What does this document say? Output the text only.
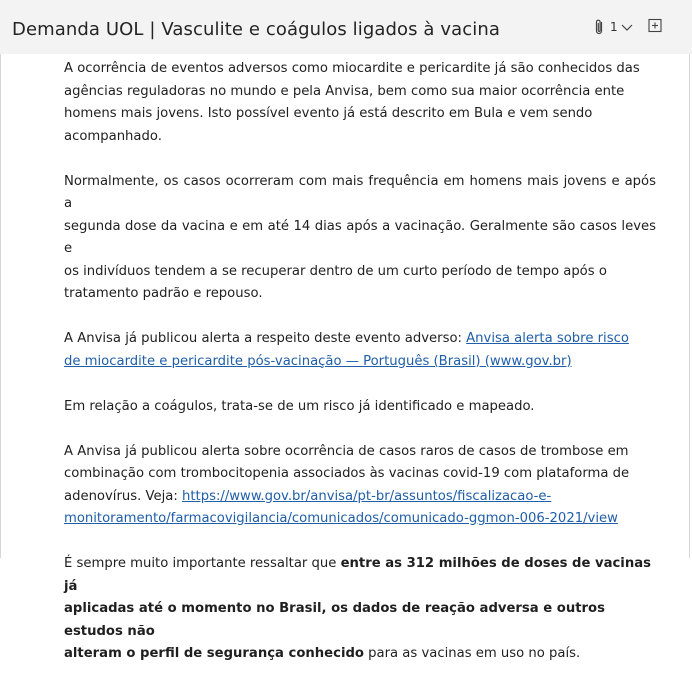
Demanda UOL | Vasculite e coágulos ligados à vacina	1
A ocorrência de eventos adversos como miocardite e pericardite já são conhecidos das
agências reguladoras no mundo e pela Anvisa, bem como sua maior ocorrência ente
homens mais jovens. Isto possível evento já está descrito em Bula e vem sendo
acompanhado.
Normalmente, os casos ocorreram com mais frequência em homens mais jovens e após a
segunda dose da vacina e em até 14 dias após a vacinação. Geralmente são casos leves e
os indivíduos tendem a se recuperar dentro de um curto período de tempo após o
tratamento padrão e repouso.
A Anvisa já publicou alerta a respeito deste evento adverso: Anvisa alerta sobre risco
de miocardite e pericardite pós-vacinação — Português (Brasil) (www.gov.br)
Em relação a coágulos, trata-se de um risco já identificado e mapeado.
A Anvisa já publicou alerta sobre ocorrência de casos raros de casos de trombose em
combinação com trombocitopenia associados às vacinas covid-19 com plataforma de
adenovírus. Veja: https://www.gov.br/anvisa/pt-br/assuntos/fiscalizacao-e-
monitoramento/farmacovigilancia/comunicados/comunicado-ggmon-006-2021/view
É sempre muito importante ressaltar que entre as 312 milhões de doses de vacinas já
aplicadas até o momento no Brasil, os dados de reação adversa e outros estudos não
alteram o perfil de segurança conhecido para as vacinas em uso no país.
